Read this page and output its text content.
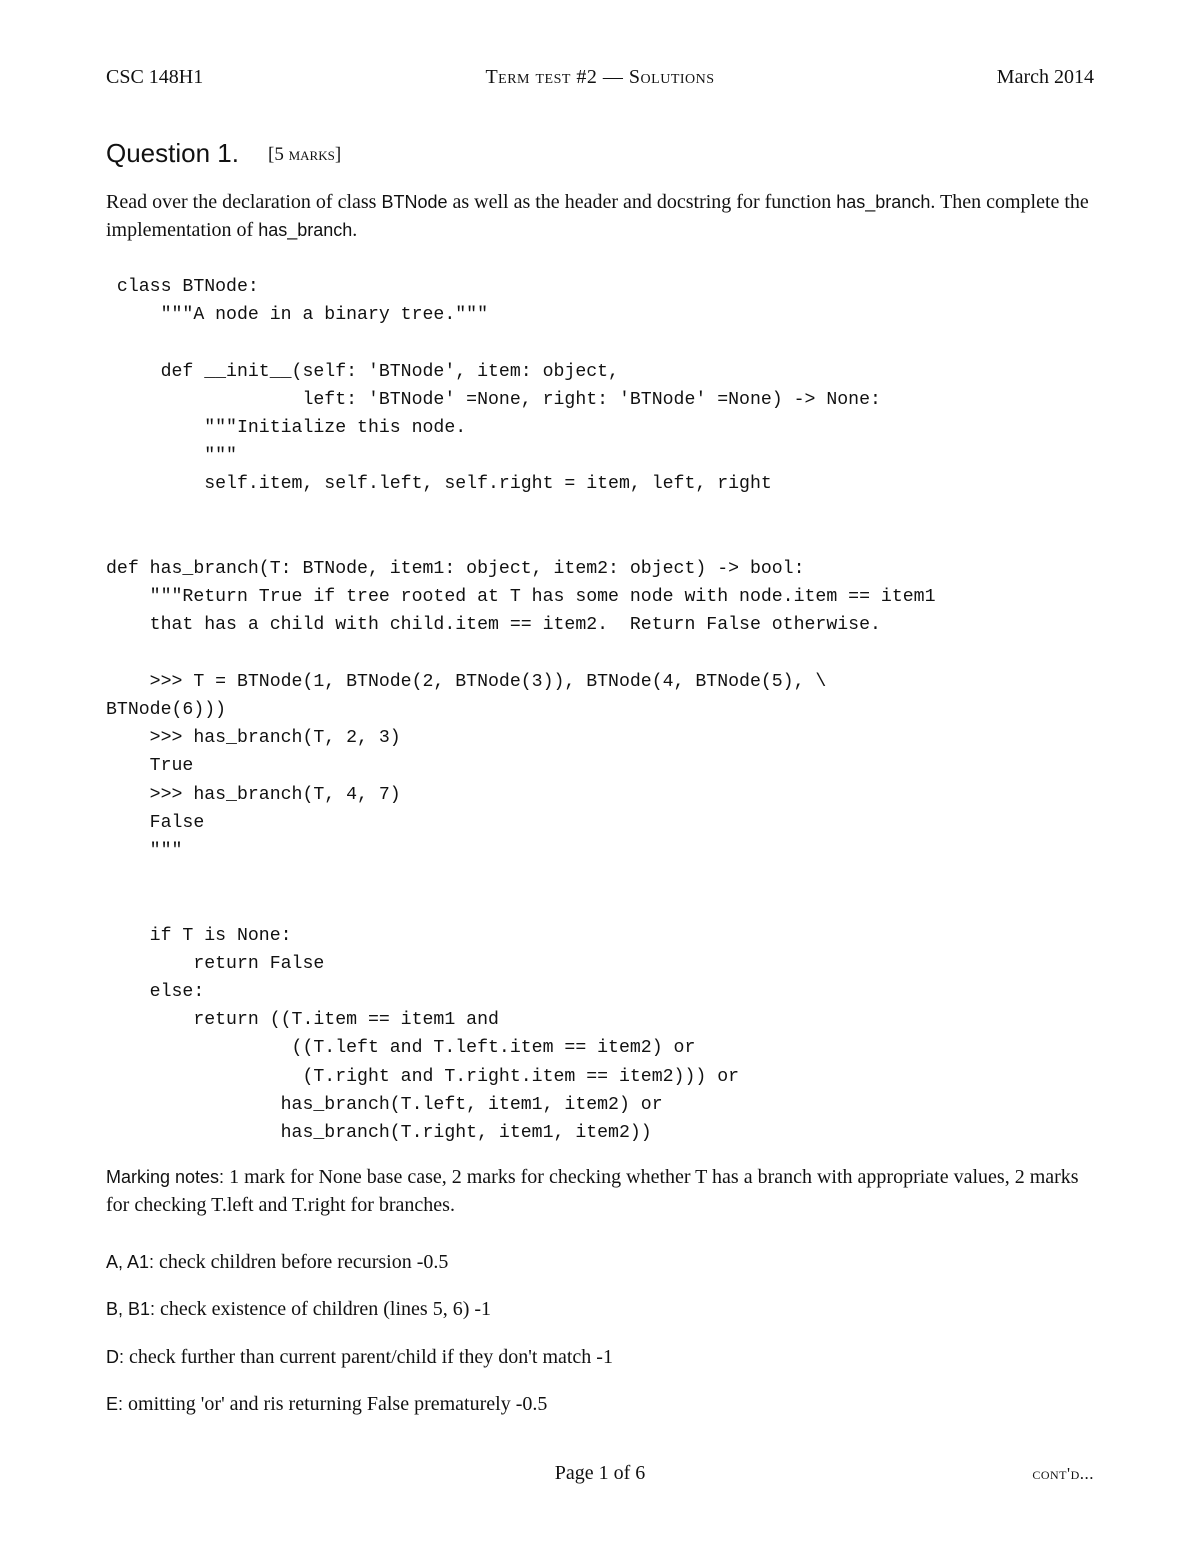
CSC 148H1	Term test #2 — Solutions	March 2014
Question 1. [5 marks]
Read over the declaration of class BTNode as well as the header and docstring for function has_branch. Then complete the implementation of has_branch.
class BTNode:
"""A node in a binary tree."""

def __init__(self: 'BTNode', item: object,
left: 'BTNode' =None, right: 'BTNode' =None) -> None:
"""Initialize this node.
"""
self.item, self.left, self.right = item, left, right

def has_branch(T: BTNode, item1: object, item2: object) -> bool:
"""Return True if tree rooted at T has some node with node.item == item1
that has a child with child.item == item2.  Return False otherwise.

>>> T = BTNode(1, BTNode(2, BTNode(3)), BTNode(4, BTNode(5), \
BTNode(6)))
>>> has_branch(T, 2, 3)
True
>>> has_branch(T, 4, 7)
False
"""

if T is None:
return False
else:
return ((T.item == item1 and
((T.left and T.left.item == item2) or
(T.right and T.right.item == item2))) or
has_branch(T.left, item1, item2) or
has_branch(T.right, item1, item2))
Marking notes: 1 mark for None base case, 2 marks for checking whether T has a branch with appropriate values, 2 marks for checking T.left and T.right for branches.
A, A1: check children before recursion -0.5
B, B1: check existence of children (lines 5, 6) -1
D: check further than current parent/child if they don't match -1
E: omitting 'or' and ris returning False prematurely -0.5
Page 1 of 6	cont'd...
